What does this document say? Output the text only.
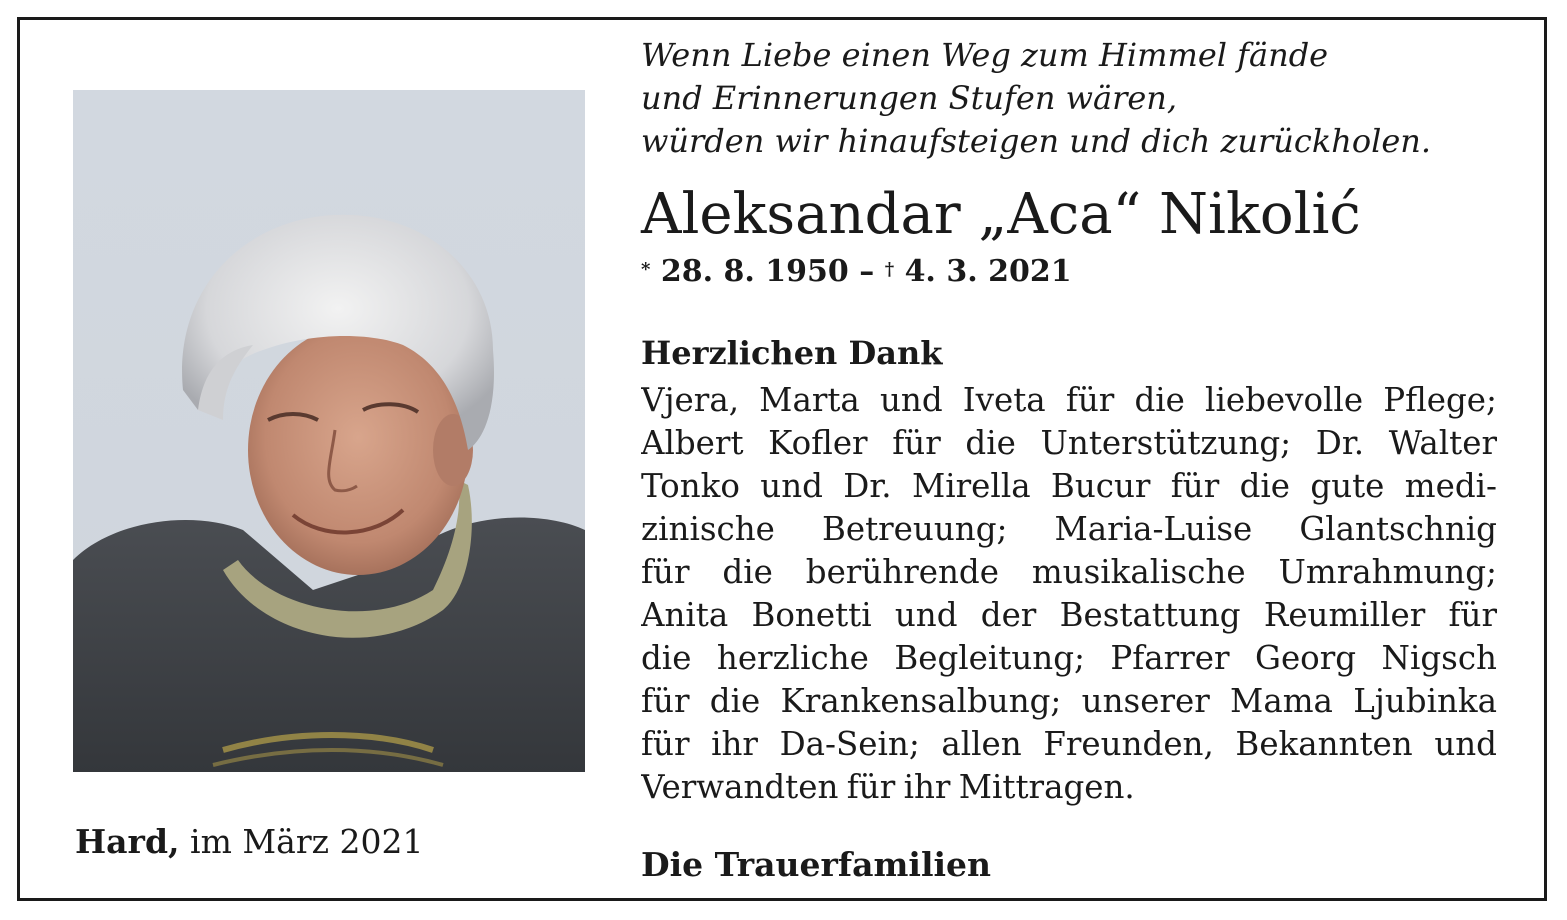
Hard, im März 2021
Wenn Liebe einen Weg zum Himmel fände
und Erinnerungen Stufen wären,
würden wir hinaufsteigen und dich zurückholen.
Aleksandar „Aca“ Nikolić
* 28. 8. 1950 – † 4. 3. 2021
Herzlichen Dank
Vjera, Marta und Iveta für die liebevolle Pflege;
Albert Kofler für die Unterstützung; Dr. Walter
Tonko und Dr. Mirella Bucur für die gute medi-
zinische Betreuung; Maria-Luise Glantschnig
für die berührende musikalische Umrahmung;
Anita Bonetti und der Bestattung Reumiller für
die herzliche Begleitung; Pfarrer Georg Nigsch
für die Krankensalbung; unserer Mama Ljubinka
für ihr Da-Sein; allen Freunden, Bekannten und
Verwandten für ihr Mittragen.
Die Trauerfamilien
